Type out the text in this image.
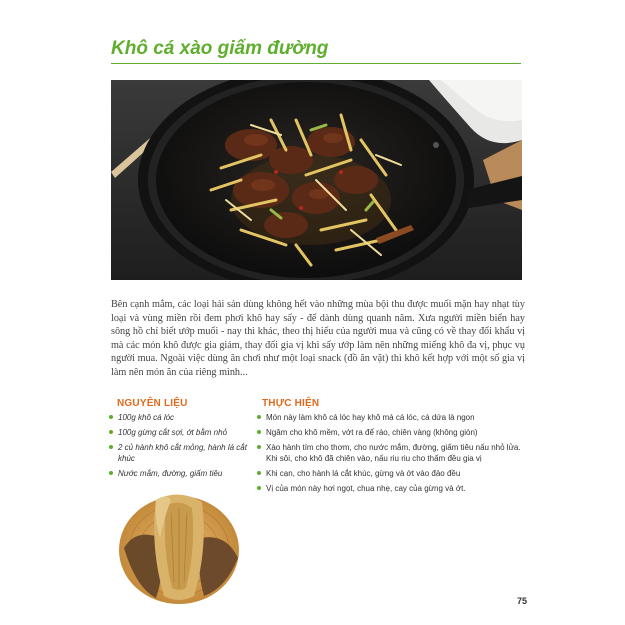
Khô cá xào giấm đường

Bên cạnh mắm, các loại hải sản dùng không hết vào những mùa bội thu được muối mặn hay nhạt tùy loại và vùng miền rồi đem phơi khô hay sấy - để dành dùng quanh năm. Xưa người miền biển hay sông hồ chỉ biết ướp muối - nay thì khác, theo thị hiếu của người mua và cũng có về thay đổi khẩu vị mà các món khô được gia giảm, thay đổi gia vị khi sấy ướp làm nên những miếng khô đa vị, phục vụ người mua. Ngoài việc dùng ăn chơi như một loại snack (đồ ăn vặt) thì khô kết hợp với một số gia vị làm nên món ăn của riêng mình...

NGUYÊN LIỆU
100g khô cá lóc
100g gừng cắt sợi, ớt bằm nhỏ
2 củ hành khô cắt mỏng, hành lá cắt khúc
Nước mắm, đường, giấm tiêu
THỰC HIỆN
Món này làm khô cá lóc hay khô má cá lóc, cá dứa là ngon
Ngâm cho khô mềm, vớt ra để ráo, chiên vàng (không giòn)
Xào hành tím cho thơm, cho nước mắm, đường, giấm tiêu nấu nhỏ lửa. Khi sôi, cho khô đã chiên vào, nấu riu riu cho thấm đều gia vị
Khi cạn, cho hành lá cắt khúc, gừng và ớt vào đảo đều
Vị của món này hơi ngọt, chua nhẹ, cay của gừng và ớt.
75
